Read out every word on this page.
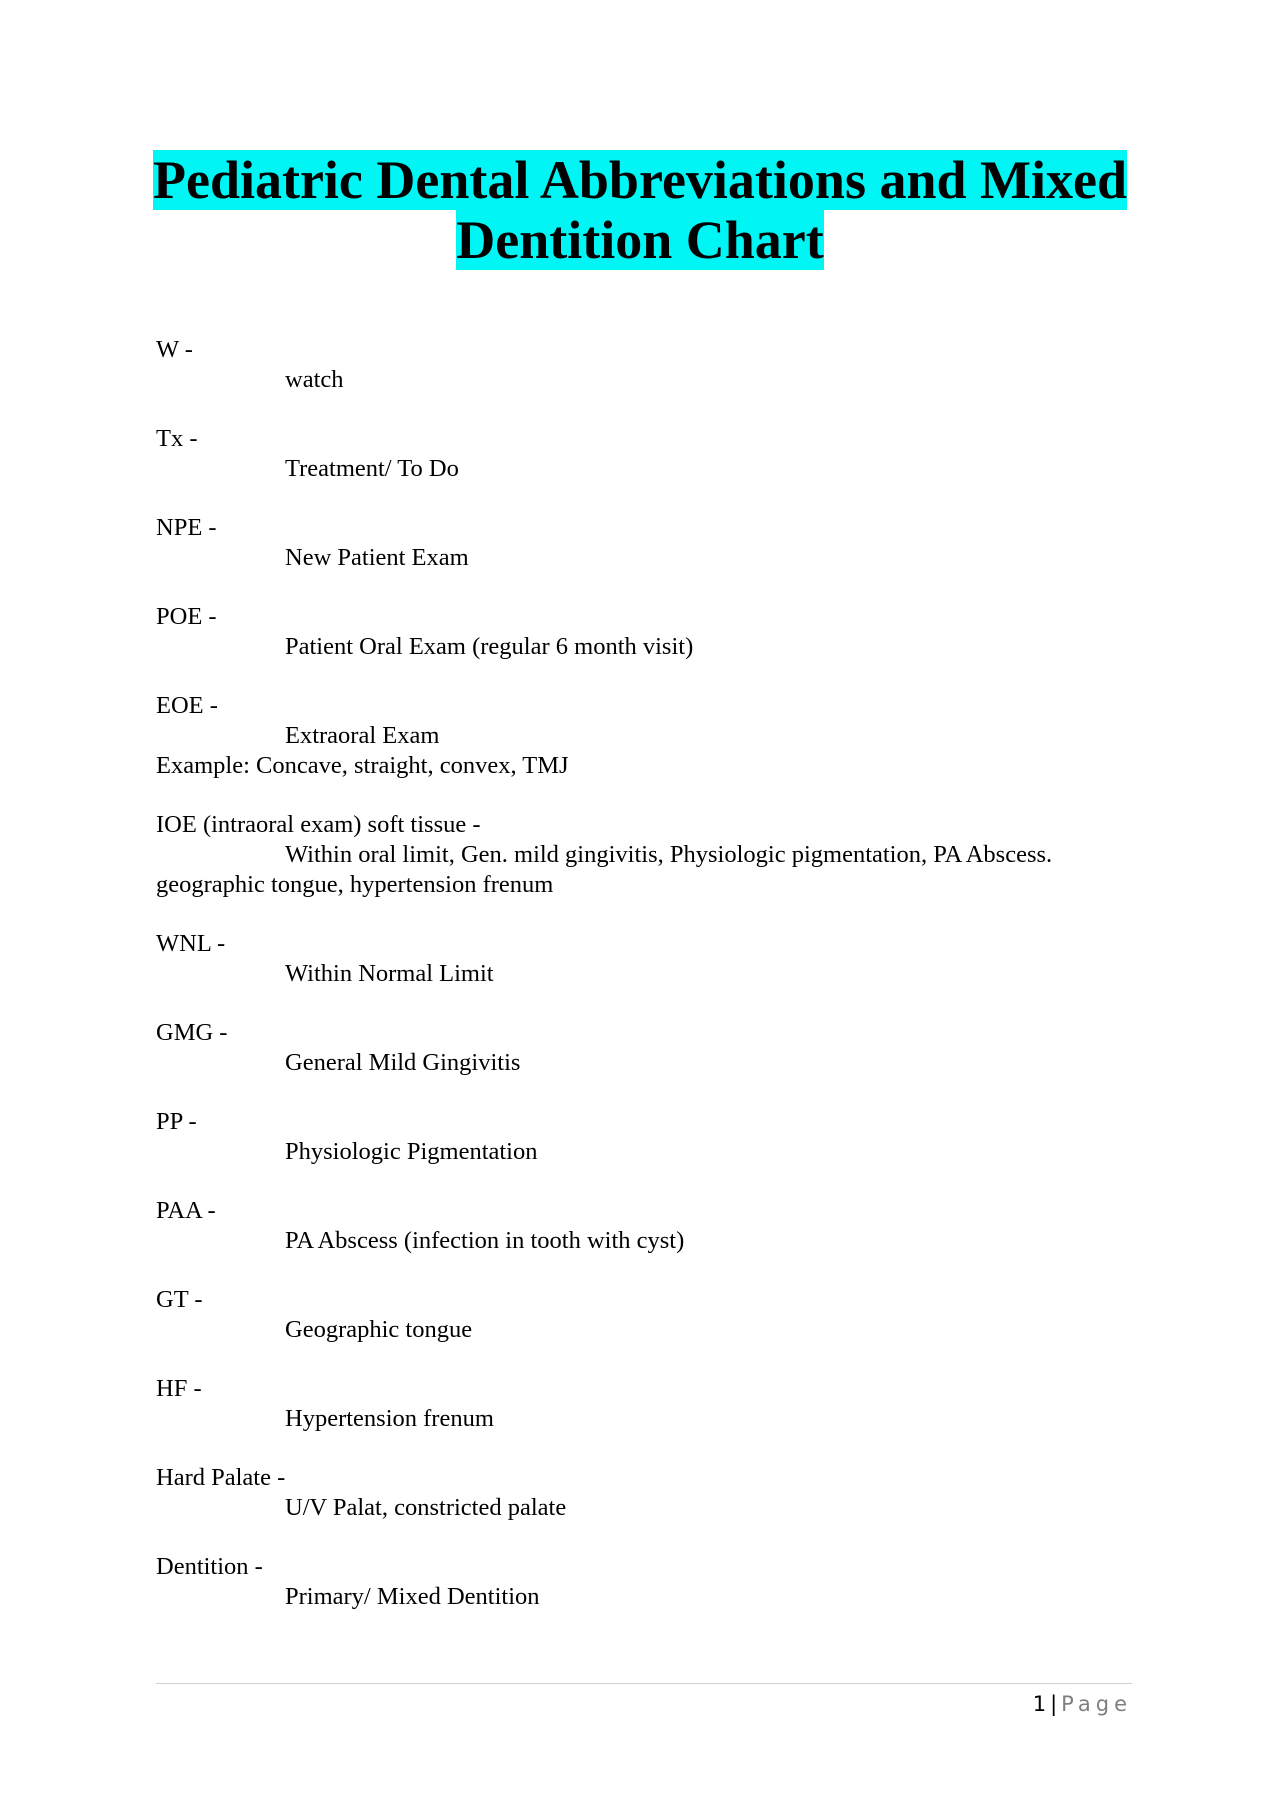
Pediatric Dental Abbreviations and Mixed Dentition Chart
W -
watch
Tx -
Treatment/ To Do
NPE -
New Patient Exam
POE -
Patient Oral Exam (regular 6 month visit)
EOE -
Extraoral Exam
Example: Concave, straight, convex, TMJ
IOE (intraoral exam) soft tissue -
Within oral limit, Gen. mild gingivitis, Physiologic pigmentation, PA Abscess.
geographic tongue, hypertension frenum
WNL -
Within Normal Limit
GMG -
General Mild Gingivitis
PP -
Physiologic Pigmentation
PAA -
PA Abscess (infection in tooth with cyst)
GT -
Geographic tongue
HF -
Hypertension frenum
Hard Palate -
U/V Palat, constricted palate
Dentition -
Primary/ Mixed Dentition
1 | Page
